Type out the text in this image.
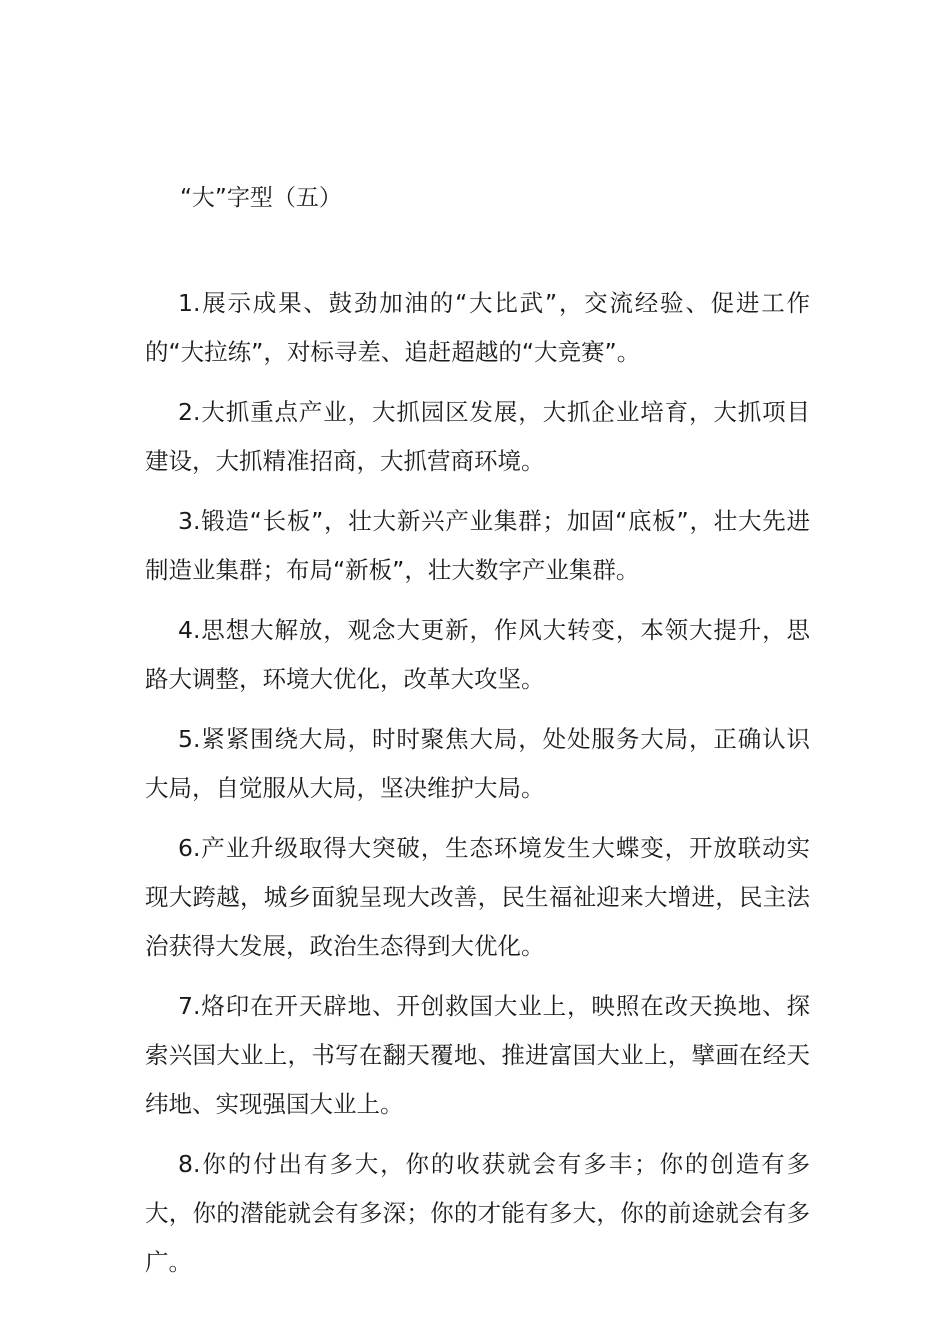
“大”字型（五）

1.展示成果、鼓劲加油的“大比武”，交流经验、促进工作的“大拉练”，对标寻差、追赶超越的“大竞赛”。

2.大抓重点产业，大抓园区发展，大抓企业培育，大抓项目建设，大抓精准招商，大抓营商环境。

3.锻造“长板”，壮大新兴产业集群；加固“底板”，壮大先进制造业集群；布局“新板”，壮大数字产业集群。

4.思想大解放，观念大更新，作风大转变，本领大提升，思路大调整，环境大优化，改革大攻坚。

5.紧紧围绕大局，时时聚焦大局，处处服务大局，正确认识大局，自觉服从大局，坚决维护大局。

6.产业升级取得大突破，生态环境发生大蝶变，开放联动实现大跨越，城乡面貌呈现大改善，民生福祉迎来大增进，民主法治获得大发展，政治生态得到大优化。

7.烙印在开天辟地、开创救国大业上，映照在改天换地、探索兴国大业上，书写在翻天覆地、推进富国大业上，擘画在经天纬地、实现强国大业上。

8.你的付出有多大，你的收获就会有多丰；你的创造有多大，你的潜能就会有多深；你的才能有多大，你的前途就会有多广。
